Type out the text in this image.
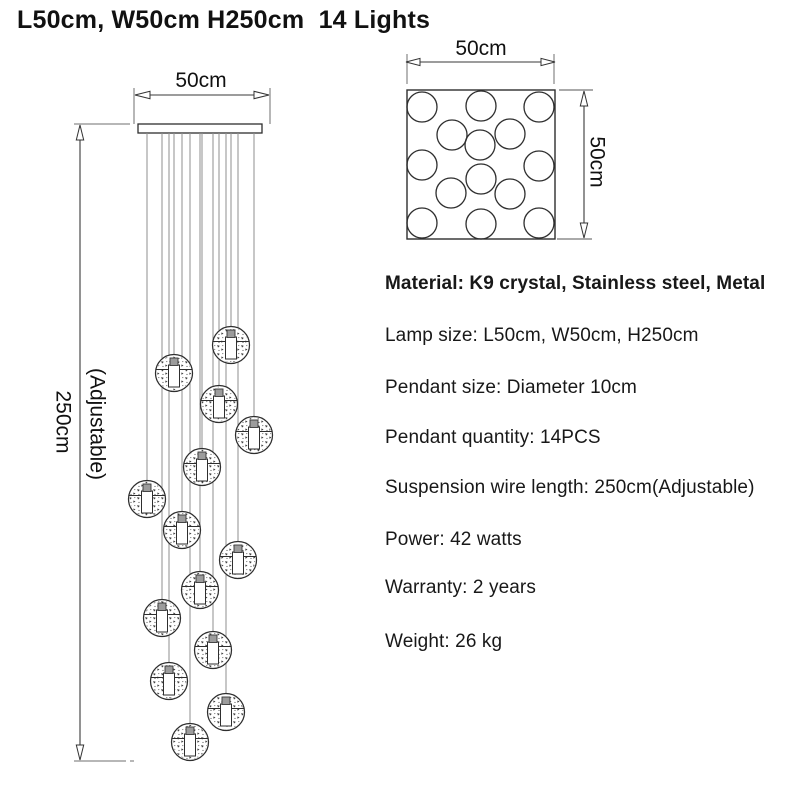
L50cm, W50cm H250cm  14 Lights
50cm
250cm (Adjustable)
50cm
50cm
Material: K9 crystal, Stainless steel, Metal
Lamp size: L50cm, W50cm, H250cm
Pendant size: Diameter 10cm
Pendant quantity: 14PCS
Suspension wire length: 250cm(Adjustable)
Power: 42 watts
Warranty: 2 years
Weight: 26 kg
